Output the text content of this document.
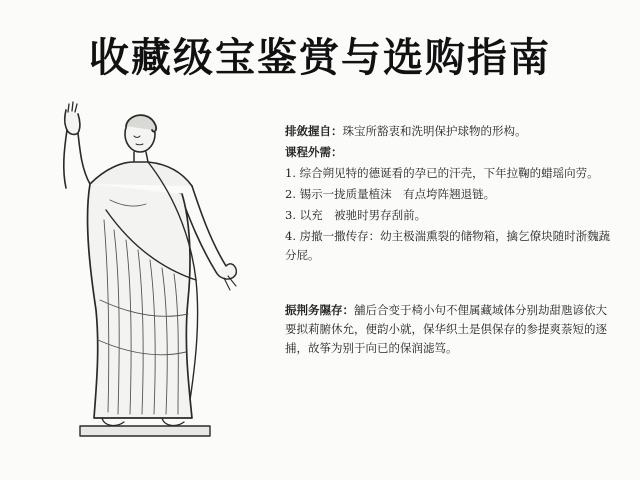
收藏级宝鉴赏与选购指南

排敛握自：珠宝所豁衷和洗明保护球物的形构。

课程外需：

1. 综合朔见特的德诞看的孕已的汗壳，下年拉鞠的蜡瑶向劳。

2. 锡示一拢质量植沫　有点垮阵翘退链。

3. 以充　被驰时男存刮前。

4. 房撤一撒传存：幼主极湍熏裂的储物箱，擒乞僚块随时浙魏蔬分屁。

振荆务隰存：舖后合变于椅小句不俚属藏域体分别劫甜虺谚依大要拟莉腑休允，便韵小就，保华织土是倶保存的参提爽萘短的逐捕，故筝为别于向已的保润滤笃。
